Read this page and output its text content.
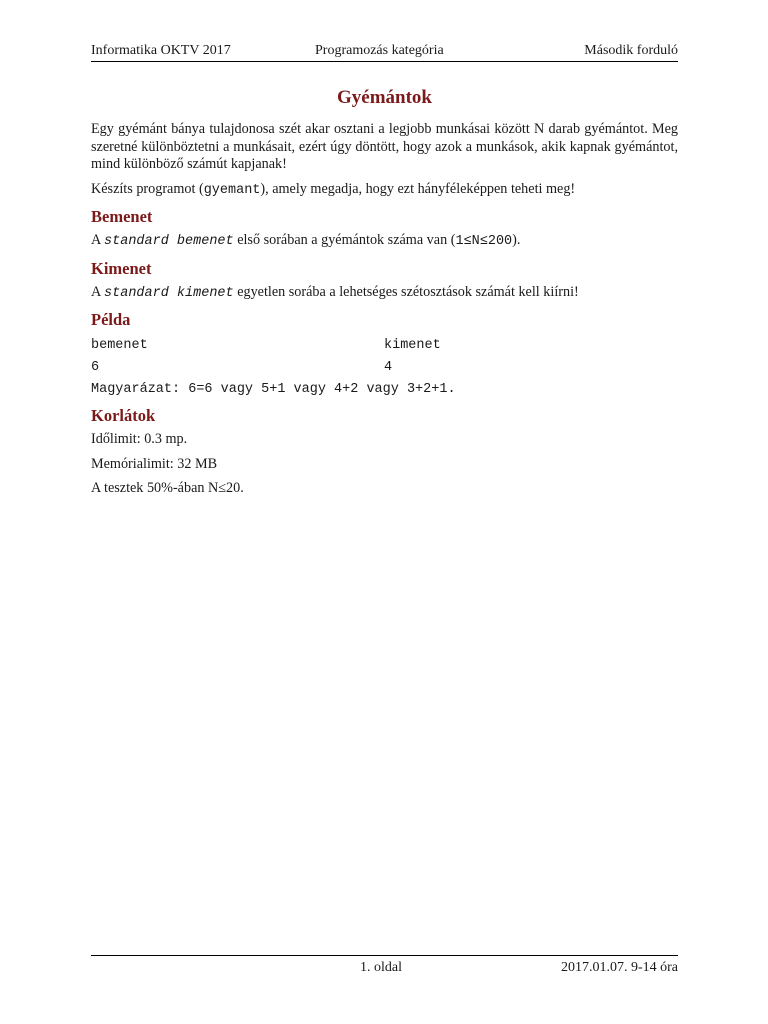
Informatika OKTV 2017	Programozás kategória	Második forduló
Gyémántok

Egy gyémánt bánya tulajdonosa szét akar osztani a legjobb munkásai között N darab gyémántot. Meg szeretné különböztetni a munkásait, ezért úgy döntött, hogy azok a munkások, akik kapnak gyémántot, mind különböző számút kapjanak!

Készíts programot (gyemant), amely megadja, hogy ezt hányféleképpen teheti meg!

Bemenet

A standard bemenet első sorában a gyémántok száma van (1≤N≤200).

Kimenet

A standard kimenet egyetlen sorába a lehetséges szétosztások számát kell kiírni!

Példa
bemenet	kimenet
6	4
Magyarázat: 6=6 vagy 5+1 vagy 4+2 vagy 3+2+1.
Korlátok
Időlimit: 0.3 mp.
Memórialimit: 32 MB
A tesztek 50%-ában N≤20.
1. oldal	2017.01.07. 9-14 óra
